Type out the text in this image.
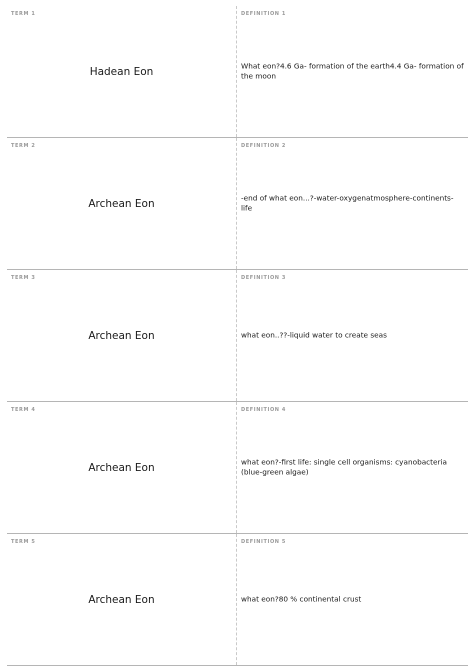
TERM 1
Hadean Eon
DEFINITION 1
What eon?4.6 Ga- formation of the earth4.4 Ga- formation of the moon
TERM 2
Archean Eon
DEFINITION 2
-end of what eon...?-water-oxygenatmosphere-continents-life
TERM 3
Archean Eon
DEFINITION 3
what eon..??-liquid water to create seas
TERM 4
Archean Eon
DEFINITION 4
what eon?-first life: single cell organisms: cyanobacteria (blue-green algae)
TERM 5
Archean Eon
DEFINITION 5
what eon?80 % continental crust
